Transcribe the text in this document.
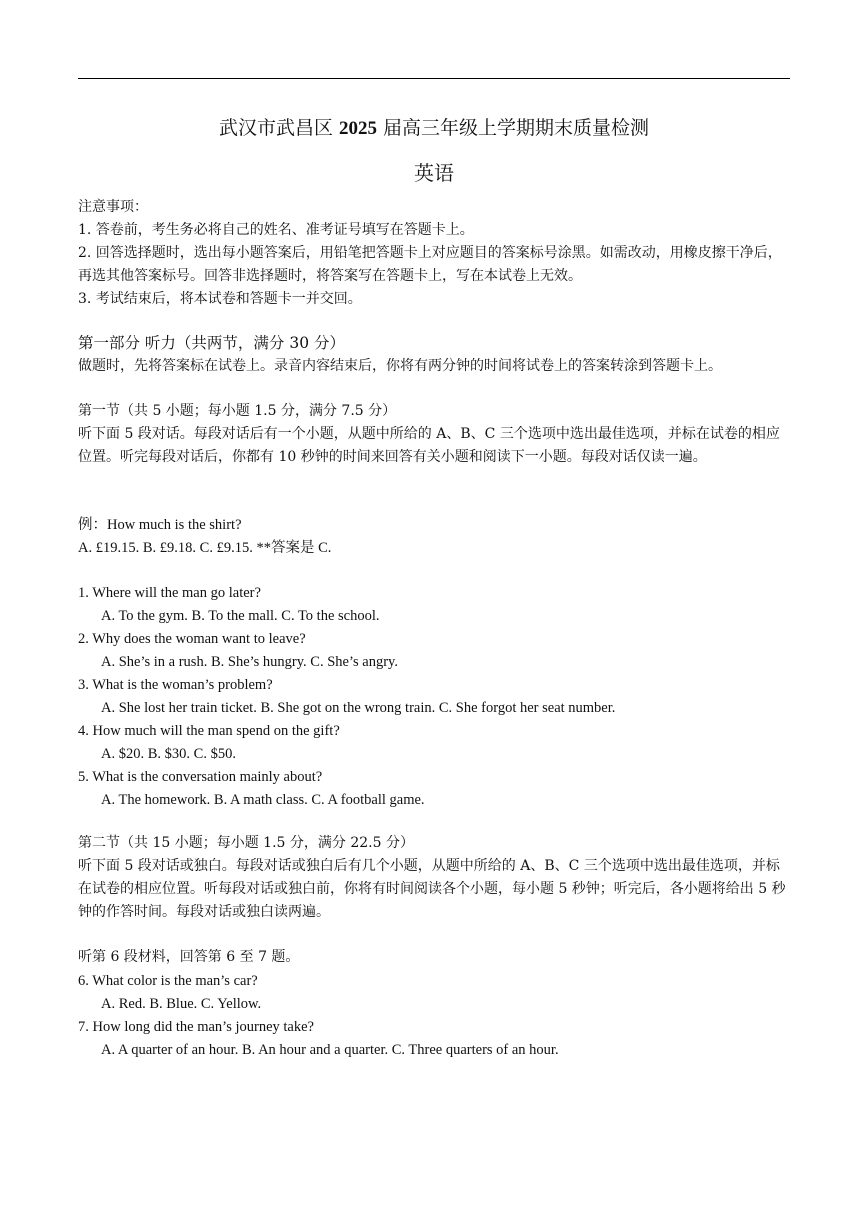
武汉市武昌区 2025 届高三年级上学期期末质量检测
英语

注意事项：

1. 答卷前，考生务必将自己的姓名、准考证号填写在答题卡上。

2. 回答选择题时，选出每小题答案后，用铅笔把答题卡上对应题目的答案标号涂黑。如需改动，用橡皮擦干净后，再选其他答案标号。回答非选择题时，将答案写在答题卡上，写在本试卷上无效。

3. 考试结束后，将本试卷和答题卡一并交回。

第一部分 听力（共两节，满分 30 分）

做题时，先将答案标在试卷上。录音内容结束后，你将有两分钟的时间将试卷上的答案转涂到答题卡上。

第一节（共 5 小题；每小题 1.5 分，满分 7.5 分）

听下面 5 段对话。每段对话后有一个小题，从题中所给的 A、B、C 三个选项中选出最佳选项，并标在试卷的相应位置。听完每段对话后，你都有 10 秒钟的时间来回答有关小题和阅读下一小题。每段对话仅读一遍。

例：How much is the shirt?

A. £19.15. B. £9.18. C. £9.15. **答案是 C.

1. Where will the man go later?

A. To the gym. B. To the mall. C. To the school.

2. Why does the woman want to leave?

A. She’s in a rush. B. She’s hungry. C. She’s angry.

3. What is the woman’s problem?

A. She lost her train ticket. B. She got on the wrong train. C. She forgot her seat number.

4. How much will the man spend on the gift?

A. $20. B. $30. C. $50.

5. What is the conversation mainly about?

A. The homework. B. A math class. C. A football game.

第二节（共 15 小题；每小题 1.5 分，满分 22.5 分）

听下面 5 段对话或独白。每段对话或独白后有几个小题，从题中所给的 A、B、C 三个选项中选出最佳选项，并标在试卷的相应位置。听每段对话或独白前，你将有时间阅读各个小题，每小题 5 秒钟；听完后，各小题将给出 5 秒钟的作答时间。每段对话或独白读两遍。

听第 6 段材料，回答第 6 至 7 题。

6. What color is the man’s car?

A. Red. B. Blue. C. Yellow.

7. How long did the man’s journey take?

A. A quarter of an hour. B. An hour and a quarter. C. Three quarters of an hour.
